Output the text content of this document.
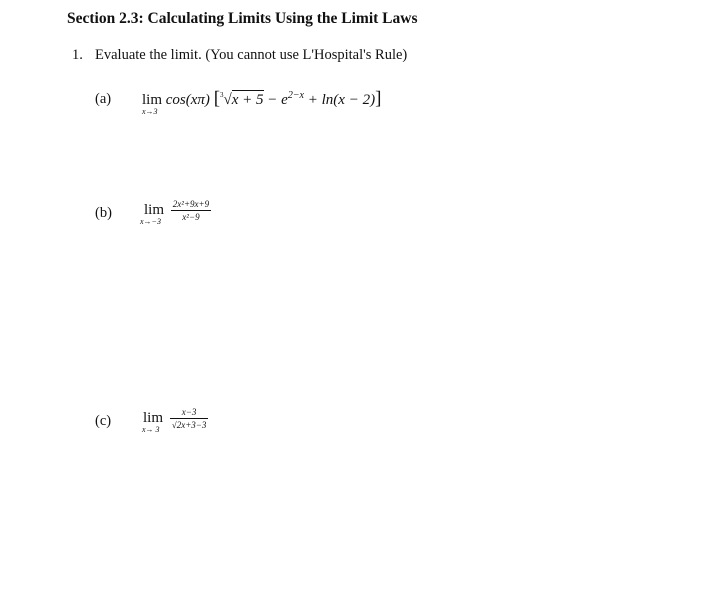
Section 2.3: Calculating Limits Using the Limit Laws
1. Evaluate the limit. (You cannot use L'Hospital's Rule)
(a) lim
x→3
cos(xπ) $[^3√x + 5 - e^{2-x} + \ln(x - 2)]$
(b) lim
x→−3
	$\frac{\text{2x²+9x+9}}{\text{x²−9}}$
(c) lim
x→ 3
	$\frac{x-3}{√2x+3-3}$
